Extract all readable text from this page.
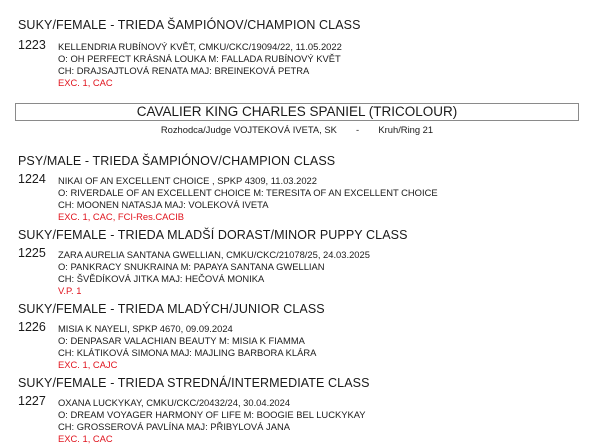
SUKY/FEMALE - TRIEDA ŠAMPIÓNOV/CHAMPION CLASS
1223 KELLENDRIA RUBÍNOVÝ KVĚT, CMKU/CKC/19094/22, 11.05.2022
O: OH PERFECT KRÁSNÁ LOUKA M: FALLADA RUBÍNOVÝ KVĚT
CH: DRAJSAJTLOVÁ RENATA MAJ: BREINEKOVÁ PETRA
EXC. 1, CAC
CAVALIER KING CHARLES SPANIEL (TRICOLOUR)
Rozhodca/Judge VOJTEKOVÁ IVETA, SK - Kruh/Ring 21
PSY/MALE - TRIEDA ŠAMPIÓNOV/CHAMPION CLASS
1224 NIKAI OF AN EXCELLENT CHOICE , SPKP 4309, 11.03.2022
O: RIVERDALE OF AN EXCELLENT CHOICE M: TERESITA OF AN EXCELLENT CHOICE
CH: MOONEN NATASJA MAJ: VOLEKOVÁ IVETA
EXC. 1, CAC, FCI-Res.CACIB
SUKY/FEMALE - TRIEDA MLADŠÍ DORAST/MINOR PUPPY CLASS
1225 ZARA AURELIA SANTANA GWELLIAN, CMKU/CKC/21078/25, 24.03.2025
O: PANKRACY SNUKRAINA M: PAPAYA SANTANA GWELLIAN
CH: ŠVĚDÍKOVÁ JITKA MAJ: HEČOVÁ MONIKA
V.P. 1
SUKY/FEMALE - TRIEDA MLADÝCH/JUNIOR CLASS
1226 MISIA K NAYELI, SPKP 4670, 09.09.2024
O: DENPASAR VALACHIAN BEAUTY M: MISIA K FIAMMA
CH: KLÁTIKOVÁ SIMONA MAJ: MAJLING BARBORA KLÁRA
EXC. 1, CAJC
SUKY/FEMALE - TRIEDA STREDNÁ/INTERMEDIATE CLASS
1227 OXANA LUCKYKAY, CMKU/CKC/20432/24, 30.04.2024
O: DREAM VOYAGER HARMONY OF LIFE M: BOOGIE BEL LUCKYKAY
CH: GROSSEROVÁ PAVLÍNA MAJ: PŘIBYLOVÁ JANA
EXC. 1, CAC
